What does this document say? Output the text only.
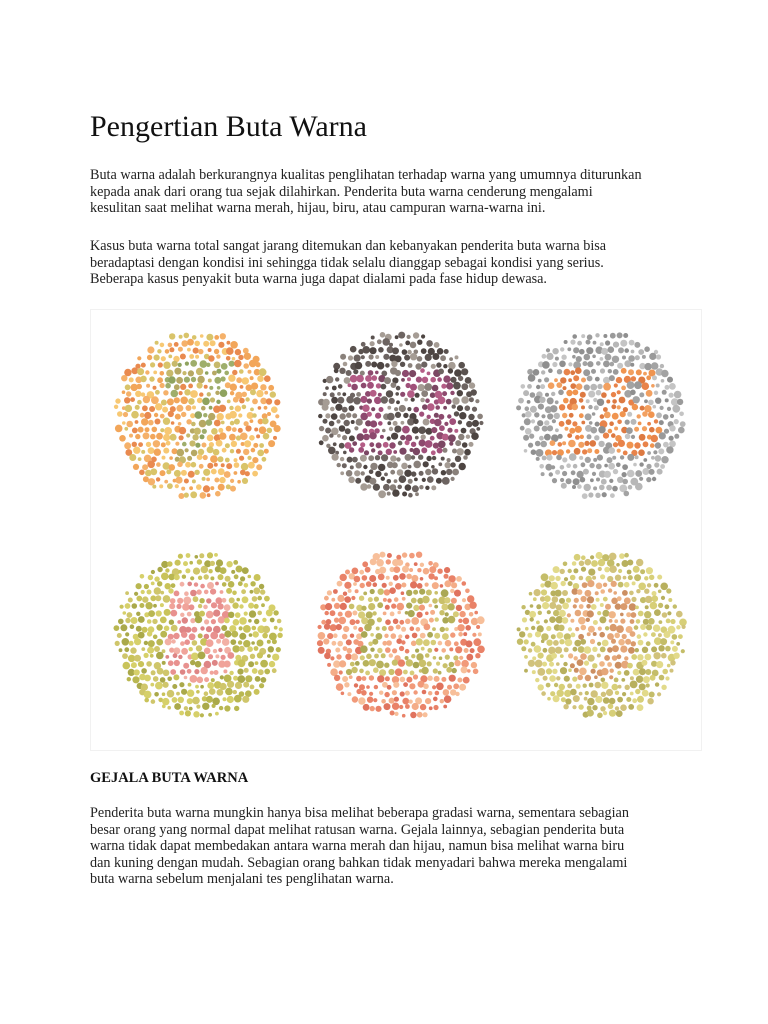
Pengertian Buta Warna

Buta warna adalah berkurangnya kualitas penglihatan terhadap warna yang umumnya diturunkan
kepada anak dari orang tua sejak dilahirkan. Penderita buta warna cenderung mengalami
kesulitan saat melihat warna merah, hijau, biru, atau campuran warna-warna ini.

Kasus buta warna total sangat jarang ditemukan dan kebanyakan penderita buta warna bisa
beradaptasi dengan kondisi ini sehingga tidak selalu dianggap sebagai kondisi yang serius.
Beberapa kasus penyakit buta warna juga dapat dialami pada fase hidup dewasa.

GEJALA BUTA WARNA

Penderita buta warna mungkin hanya bisa melihat beberapa gradasi warna, sementara sebagian
besar orang yang normal dapat melihat ratusan warna. Gejala lainnya, sebagian penderita buta
warna tidak dapat membedakan antara warna merah dan hijau, namun bisa melihat warna biru
dan kuning dengan mudah. Sebagian orang bahkan tidak menyadari bahwa mereka mengalami
buta warna sebelum menjalani tes penglihatan warna.
